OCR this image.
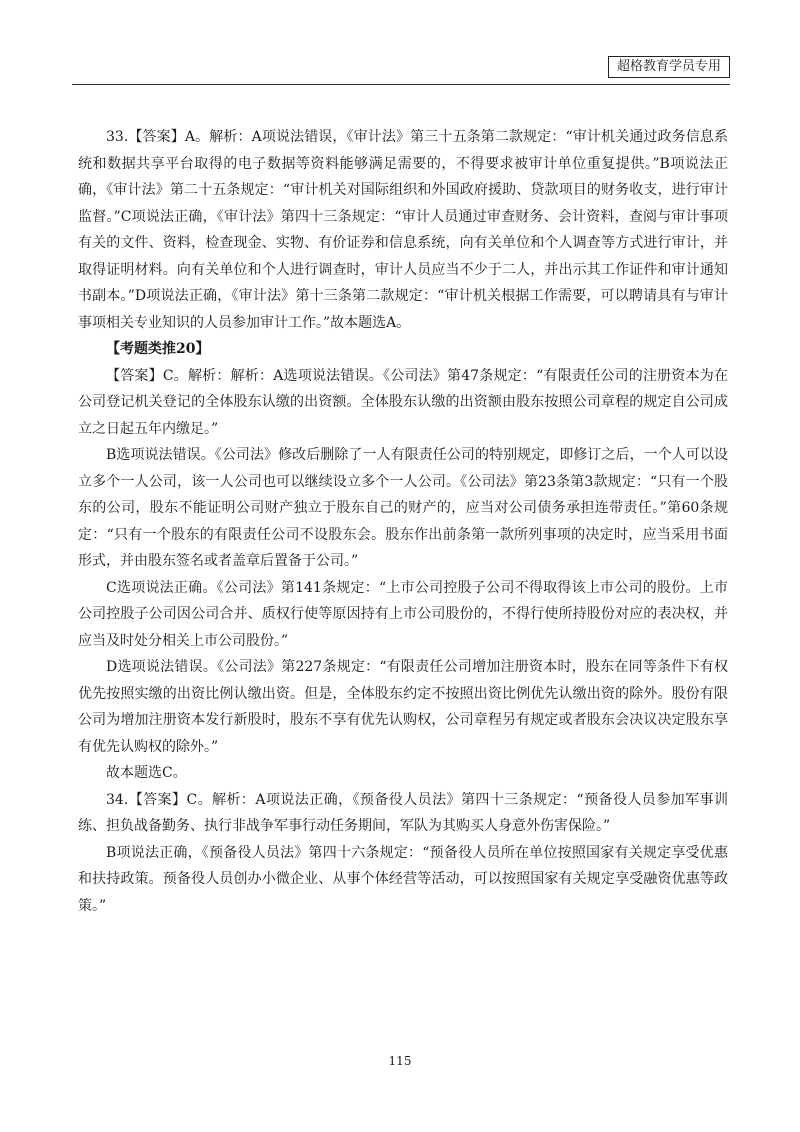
超格教育学员专用

33.【答案】A。解析：A项说法错误，《审计法》第三十五条第二款规定：“审计机关通过政务信息系统和数据共享平台取得的电子数据等资料能够满足需要的，不得要求被审计单位重复提供。”B项说法正确，《审计法》第二十五条规定：“审计机关对国际组织和外国政府援助、贷款项目的财务收支，进行审计监督。”C项说法正确，《审计法》第四十三条规定：“审计人员通过审查财务、会计资料，查阅与审计事项有关的文件、资料，检查现金、实物、有价证券和信息系统，向有关单位和个人调查等方式进行审计，并取得证明材料。向有关单位和个人进行调查时，审计人员应当不少于二人，并出示其工作证件和审计通知书副本。”D项说法正确，《审计法》第十三条第二款规定：“审计机关根据工作需要，可以聘请具有与审计事项相关专业知识的人员参加审计工作。”故本题选A。

【考题类推20】

【答案】C。解析：解析：A选项说法错误。《公司法》第47条规定：“有限责任公司的注册资本为在公司登记机关登记的全体股东认缴的出资额。全体股东认缴的出资额由股东按照公司章程的规定自公司成立之日起五年内缴足。”

B选项说法错误。《公司法》修改后删除了一人有限责任公司的特别规定，即修订之后，一个人可以设立多个一人公司，该一人公司也可以继续设立多个一人公司。《公司法》第23条第3款规定：“只有一个股东的公司，股东不能证明公司财产独立于股东自己的财产的，应当对公司债务承担连带责任。”第60条规定：“只有一个股东的有限责任公司不设股东会。股东作出前条第一款所列事项的决定时，应当采用书面形式，并由股东签名或者盖章后置备于公司。”

C选项说法正确。《公司法》第141条规定：“上市公司控股子公司不得取得该上市公司的股份。上市公司控股子公司因公司合并、质权行使等原因持有上市公司股份的，不得行使所持股份对应的表决权，并应当及时处分相关上市公司股份。”

D选项说法错误。《公司法》第227条规定：“有限责任公司增加注册资本时，股东在同等条件下有权优先按照实缴的出资比例认缴出资。但是，全体股东约定不按照出资比例优先认缴出资的除外。股份有限公司为增加注册资本发行新股时，股东不享有优先认购权，公司章程另有规定或者股东会决议决定股东享有优先认购权的除外。”

故本题选C。

34.【答案】C。解析：A项说法正确，《预备役人员法》第四十三条规定：“预备役人员参加军事训练、担负战备勤务、执行非战争军事行动任务期间，军队为其购买人身意外伤害保险。”

B项说法正确，《预备役人员法》第四十六条规定：“预备役人员所在单位按照国家有关规定享受优惠和扶持政策。预备役人员创办小微企业、从事个体经营等活动，可以按照国家有关规定享受融资优惠等政策。”

115
